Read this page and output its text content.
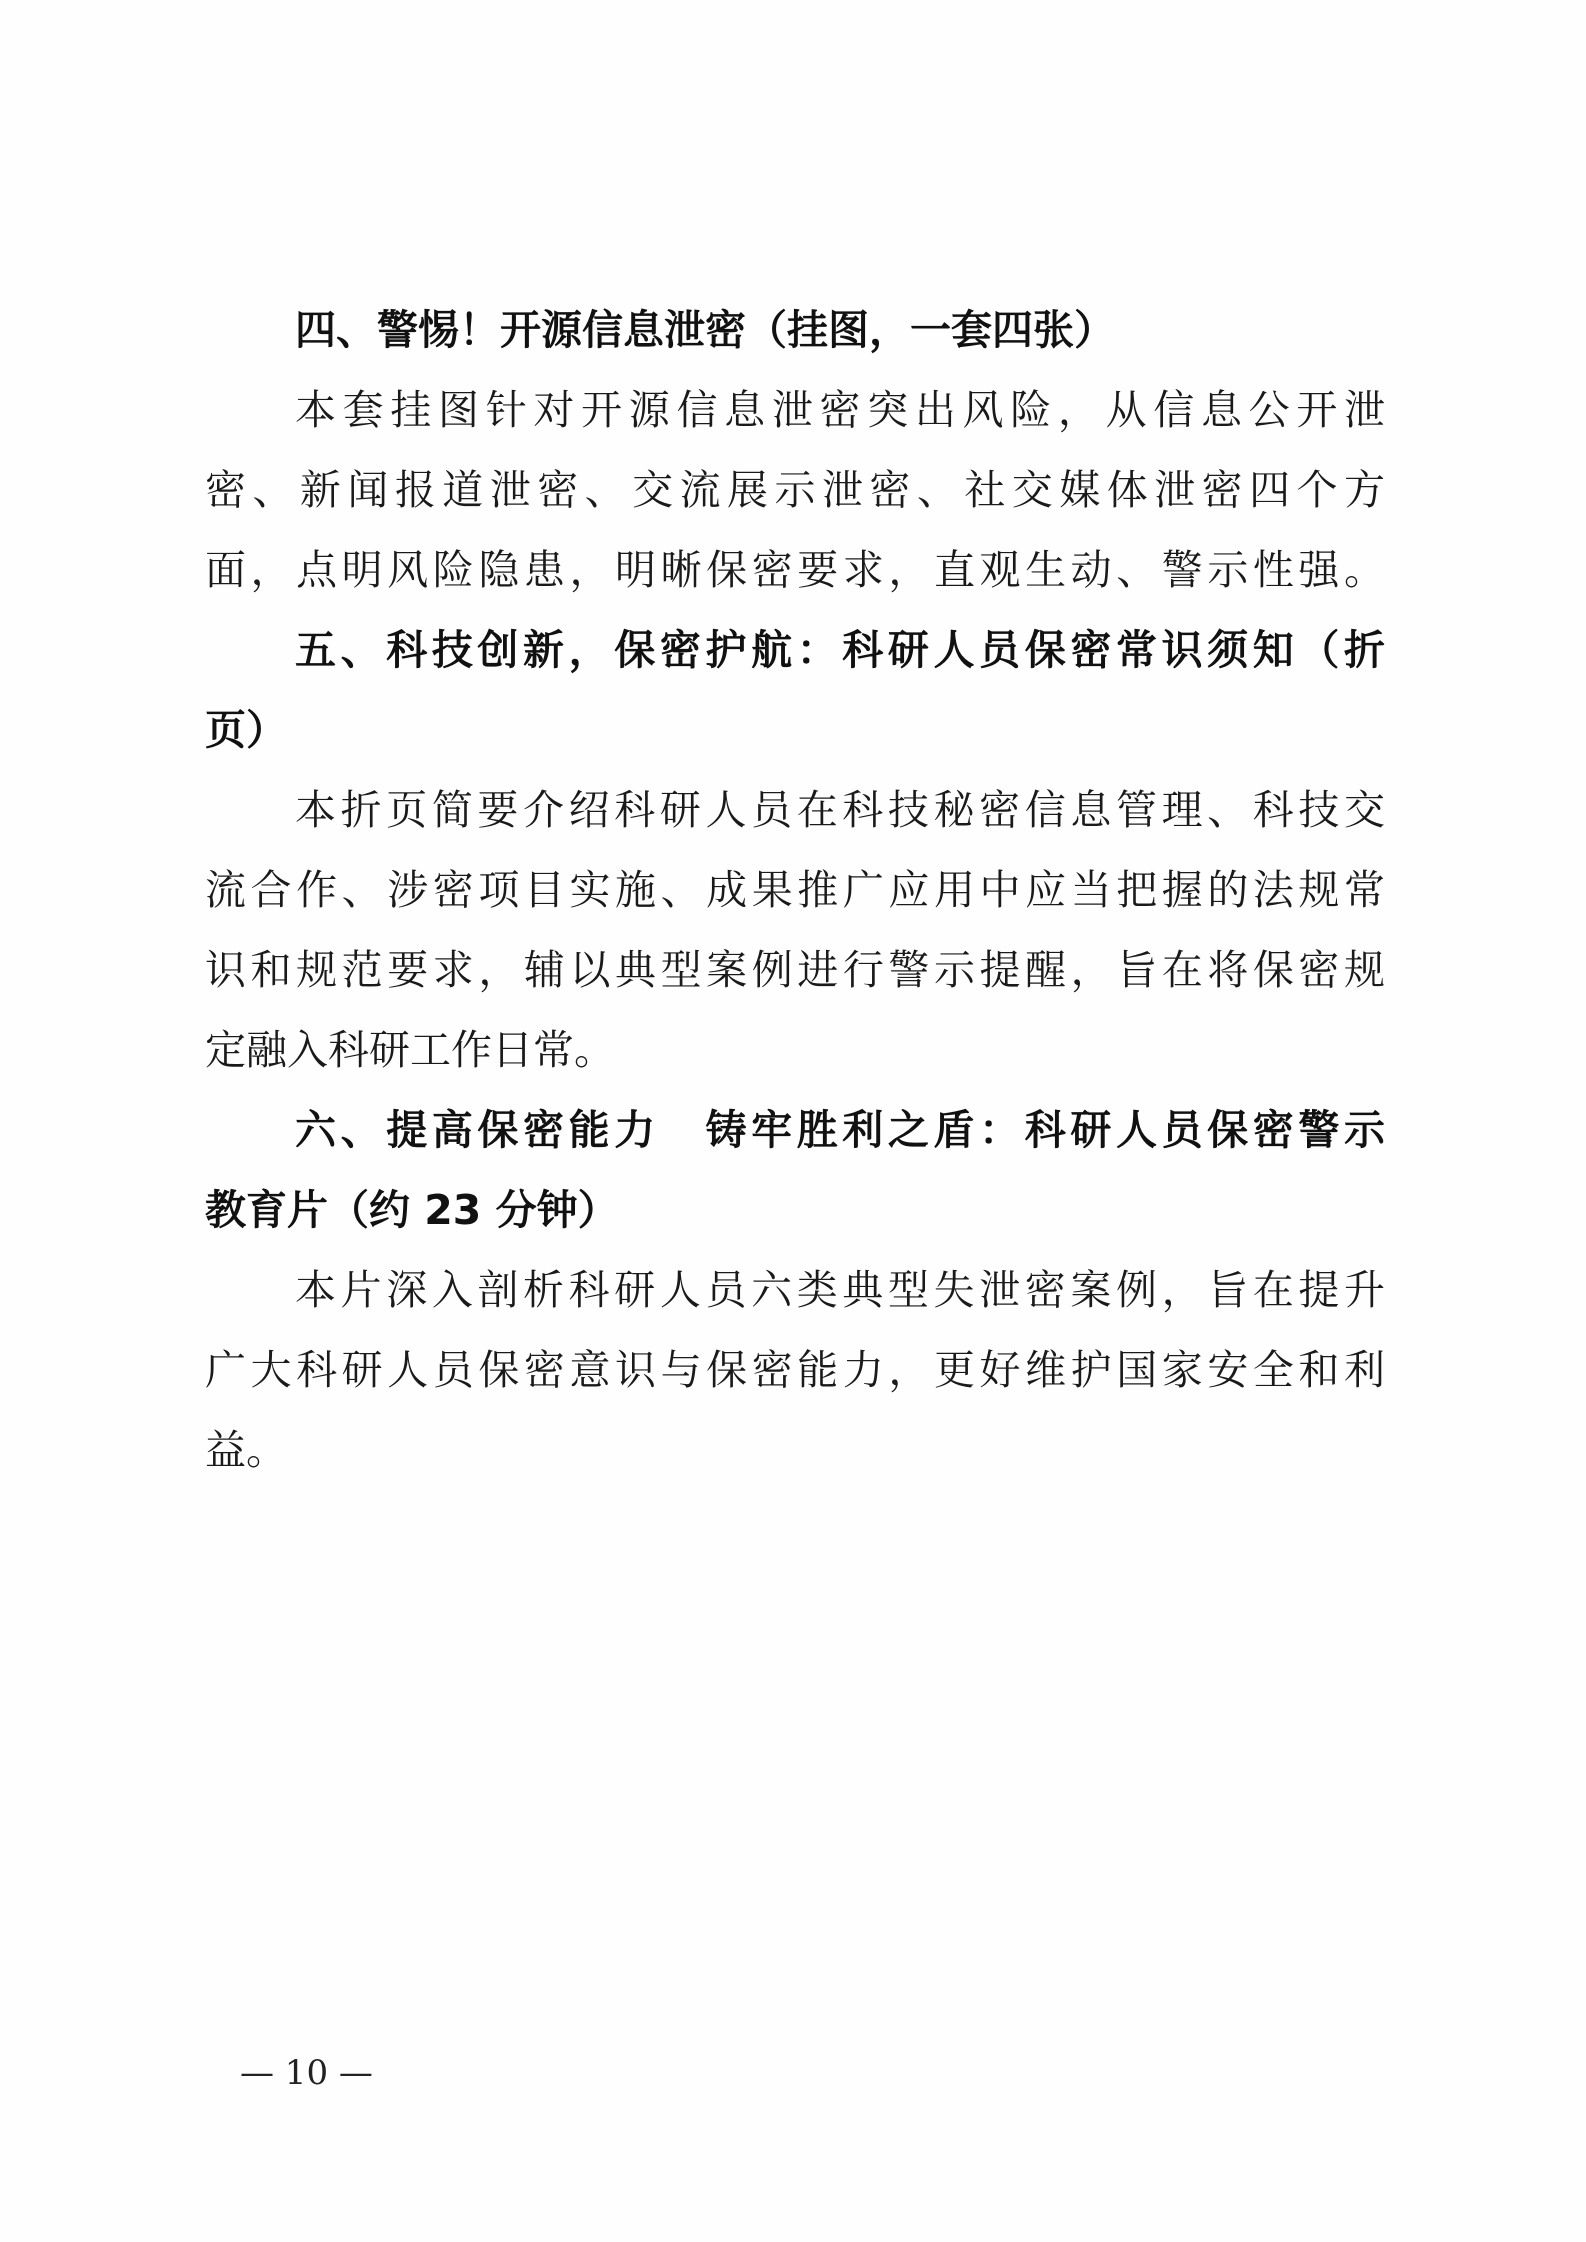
四、警惕！开源信息泄密（挂图，一套四张）
本套挂图针对开源信息泄密突出风险，从信息公开泄
密、新闻报道泄密、交流展示泄密、社交媒体泄密四个方
面，点明风险隐患，明晰保密要求，直观生动、警示性强。
五、科技创新，保密护航：科研人员保密常识须知（折
页）
本折页简要介绍科研人员在科技秘密信息管理、科技交
流合作、涉密项目实施、成果推广应用中应当把握的法规常
识和规范要求，辅以典型案例进行警示提醒，旨在将保密规
定融入科研工作日常。
六、提高保密能力　铸牢胜利之盾：科研人员保密警示
教育片（约 23 分钟）
本片深入剖析科研人员六类典型失泄密案例，旨在提升
广大科研人员保密意识与保密能力，更好维护国家安全和利
益。
— 10 —
